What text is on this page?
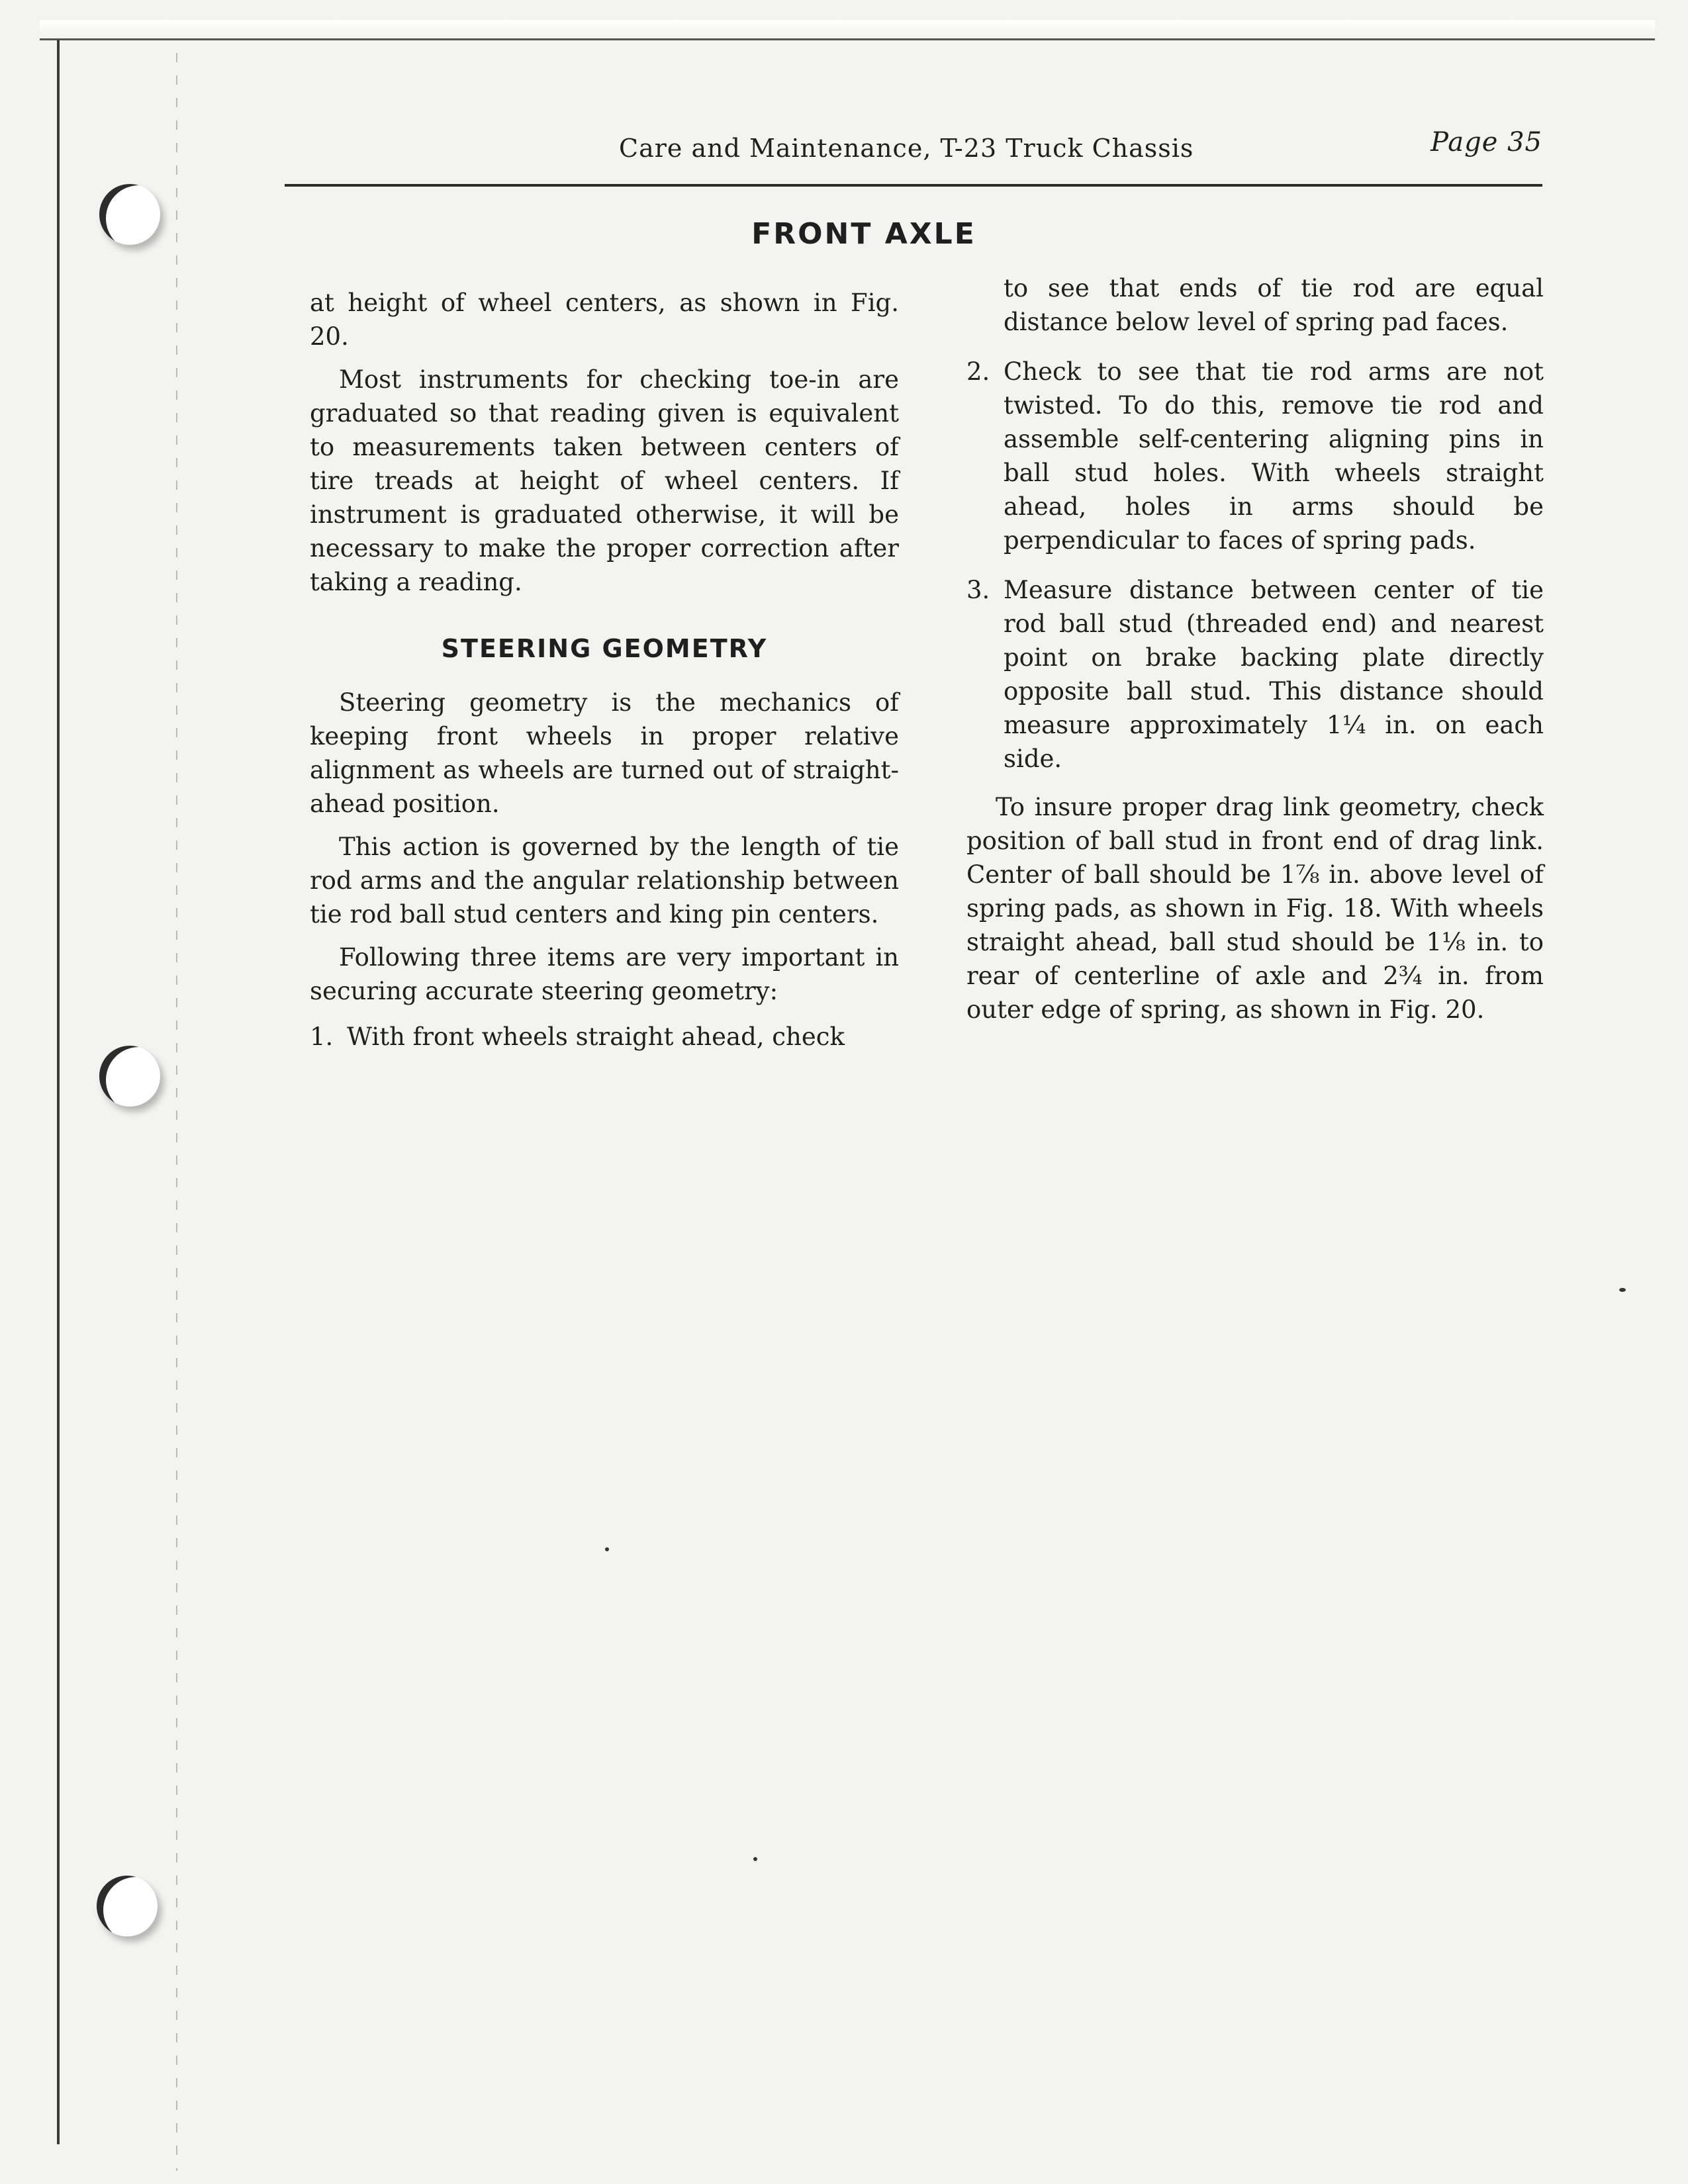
Care and Maintenance, T-23 Truck Chassis	Page 35
FRONT AXLE

at height of wheel centers, as shown in Fig. 20.

Most instruments for checking toe-in are graduated so that reading given is equivalent to measurements taken between centers of tire treads at height of wheel centers. If instrument is graduated otherwise, it will be necessary to make the proper correction after taking a reading.

STEERING GEOMETRY

Steering geometry is the mechanics of keeping front wheels in proper relative alignment as wheels are turned out of straight-ahead position.

This action is governed by the length of tie rod arms and the angular relationship between tie rod ball stud centers and king pin centers.

Following three items are very important in securing accurate steering geometry:

1. With front wheels straight ahead, check
to see that ends of tie rod are equal distance below level of spring pad faces.
2. Check to see that tie rod arms are not twisted. To do this, remove tie rod and assemble self-centering aligning pins in ball stud holes. With wheels straight ahead, holes in arms should be perpendicular to faces of spring pads.
3. Measure distance between center of tie rod ball stud (threaded end) and nearest point on brake backing plate directly opposite ball stud. This distance should measure approximately 1¼ in. on each side.

To insure proper drag link geometry, check position of ball stud in front end of drag link. Center of ball should be 1⅞ in. above level of spring pads, as shown in Fig. 18. With wheels straight ahead, ball stud should be 1⅛ in. to rear of centerline of axle and 2¾ in. from outer edge of spring, as shown in Fig. 20.
